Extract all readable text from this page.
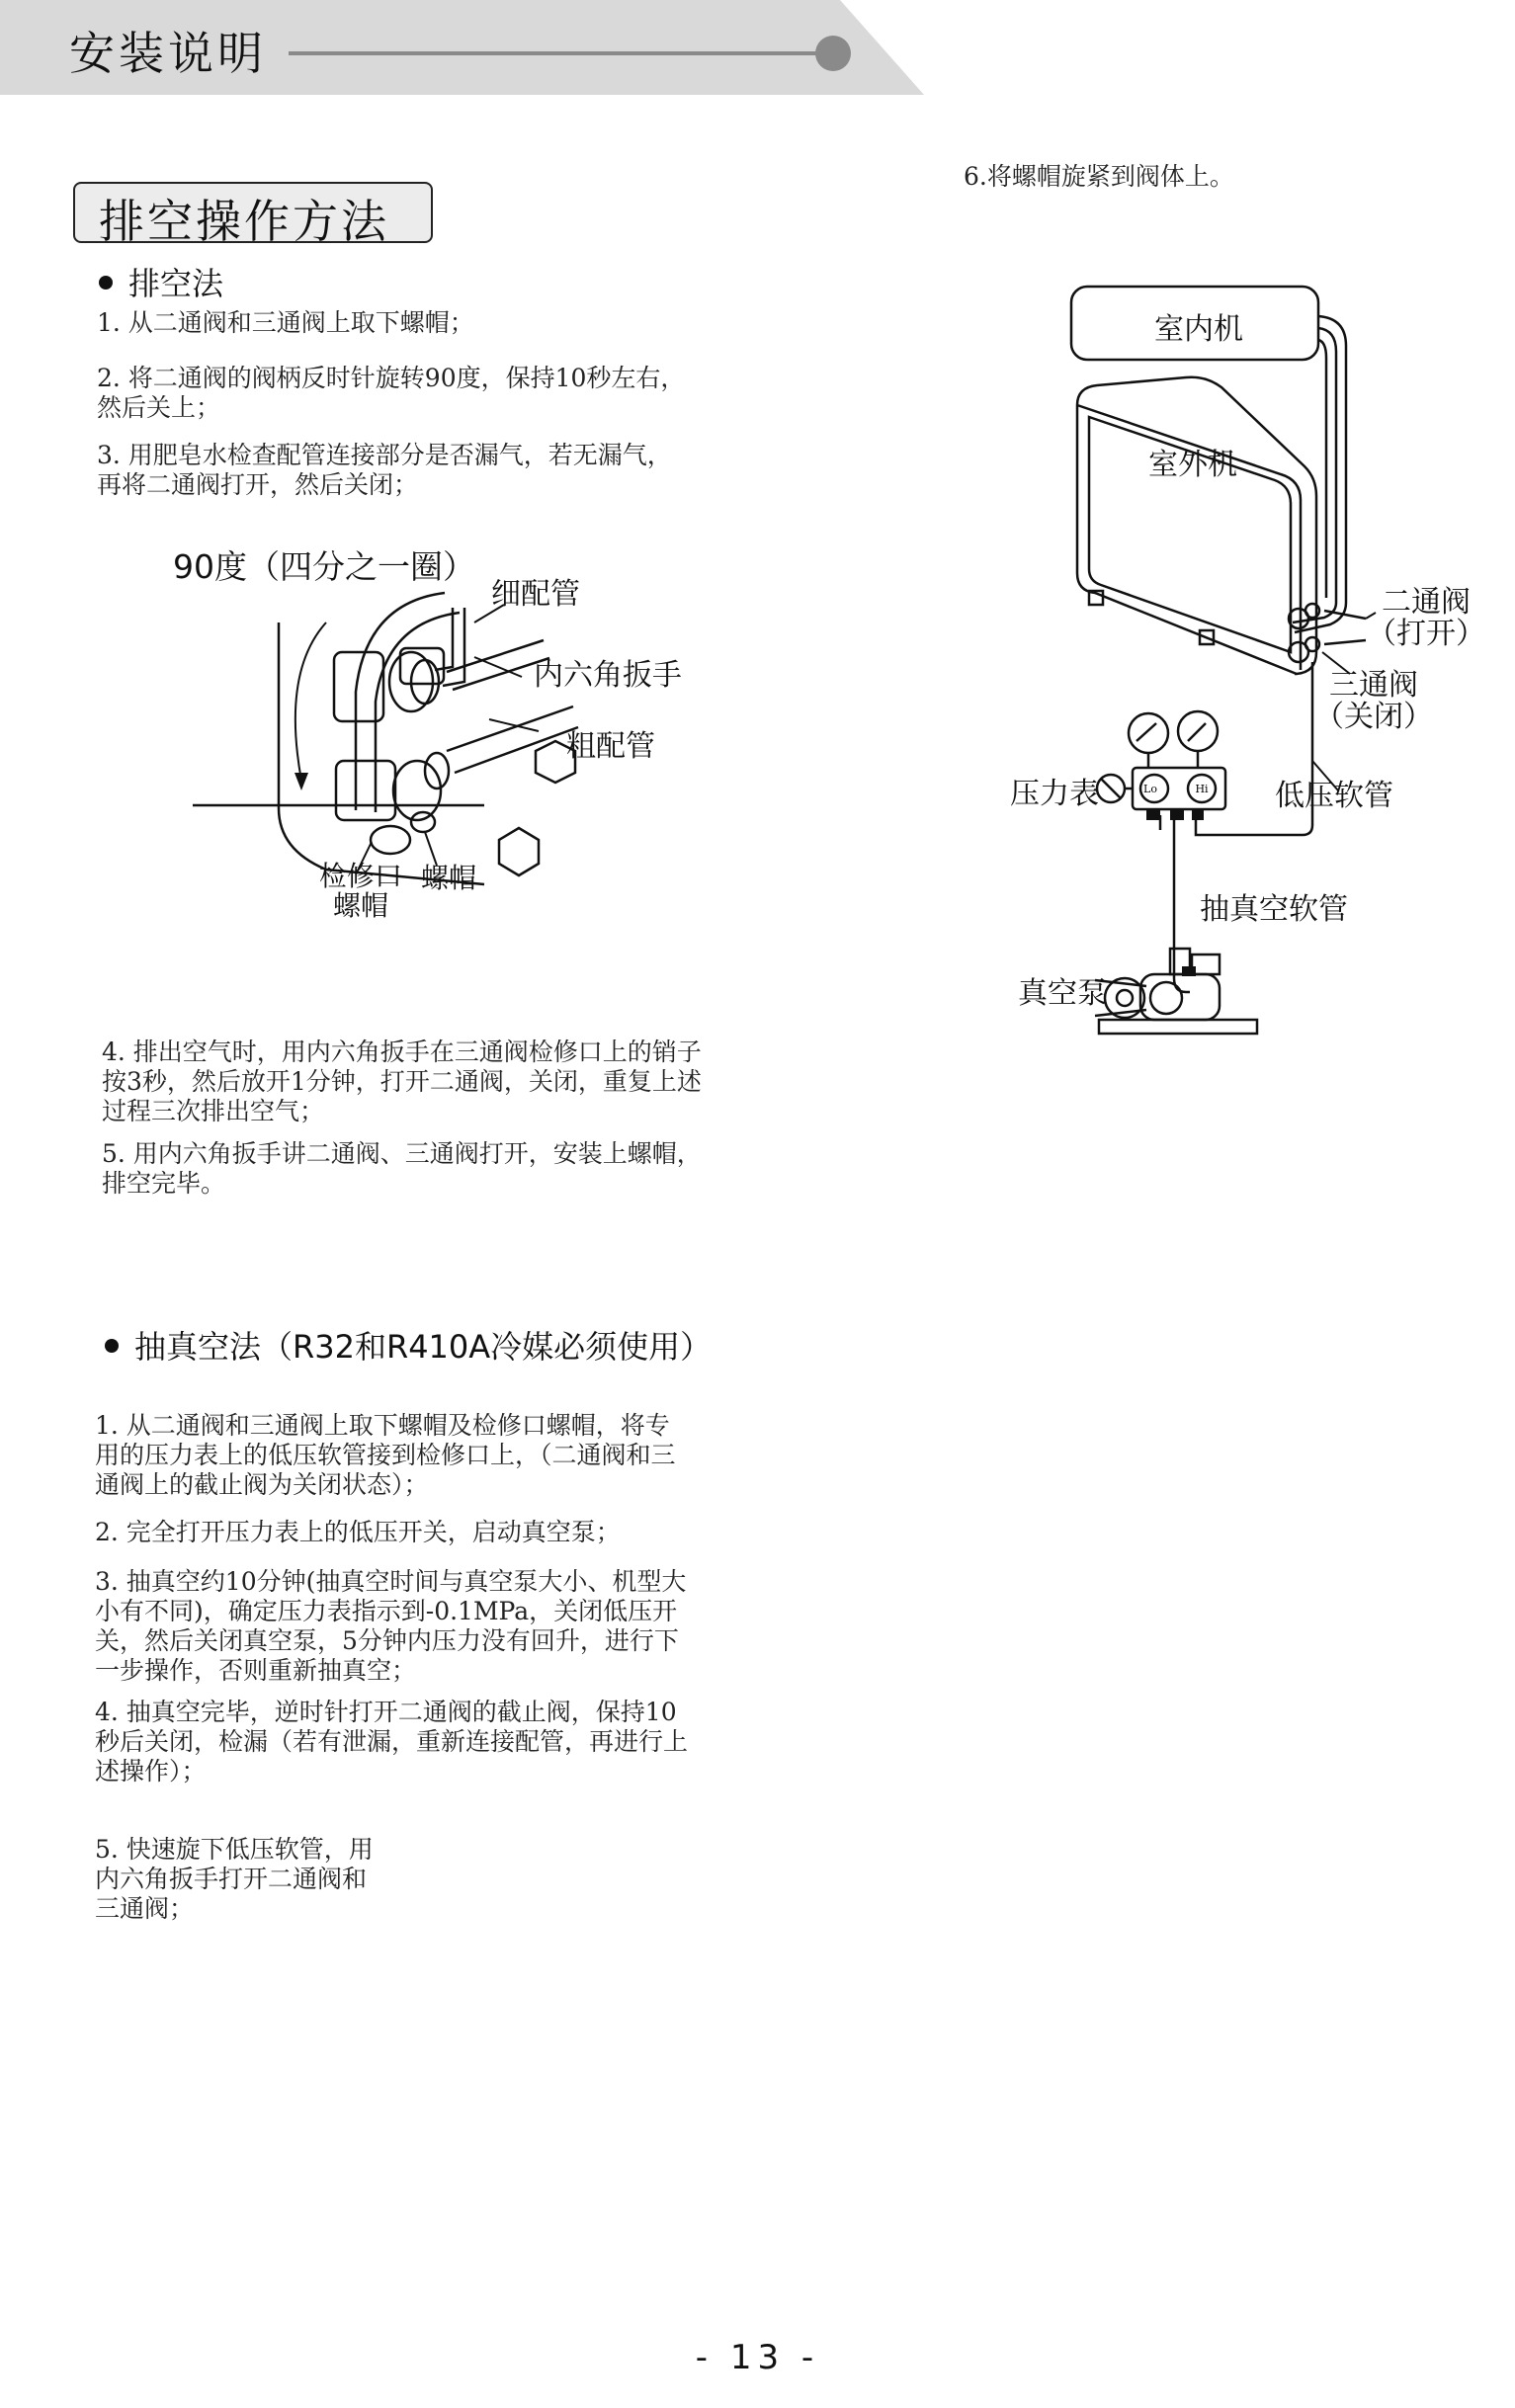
安装说明
排空操作方法
排空法
1. 从二通阀和三通阀上取下螺帽；
2. 将二通阀的阀柄反时针旋转90度，保持10秒左右，
然后关上；
3. 用肥皂水检查配管连接部分是否漏气，若无漏气，
再将二通阀打开，然后关闭；
90度（四分之一圈）
细配管
内六角扳手
粗配管
检修口
螺帽
螺帽
4. 排出空气时，用内六角扳手在三通阀检修口上的销子
按3秒，然后放开1分钟，打开二通阀，关闭，重复上述
过程三次排出空气；
5. 用内六角扳手讲二通阀、三通阀打开，安装上螺帽，
排空完毕。
抽真空法（R32和R410A冷媒必须使用）
1. 从二通阀和三通阀上取下螺帽及检修口螺帽，将专
用的压力表上的低压软管接到检修口上，（二通阀和三
通阀上的截止阀为关闭状态）；
2. 完全打开压力表上的低压开关，启动真空泵；
3. 抽真空约10分钟(抽真空时间与真空泵大小、机型大
小有不同)，确定压力表指示到-0.1MPa，关闭低压开
关，然后关闭真空泵，5分钟内压力没有回升，进行下
一步操作，否则重新抽真空；
4. 抽真空完毕，逆时针打开二通阀的截止阀，保持10
秒后关闭，检漏（若有泄漏，重新连接配管，再进行上
述操作）；
5. 快速旋下低压软管，用
内六角扳手打开二通阀和
三通阀；
6.将螺帽旋紧到阀体上。
Lo	Hi
室内机
室外机
二通阀
（打开）
三通阀
（关闭）
压力表	低压软管
抽真空软管
真空泵
- 13 -
